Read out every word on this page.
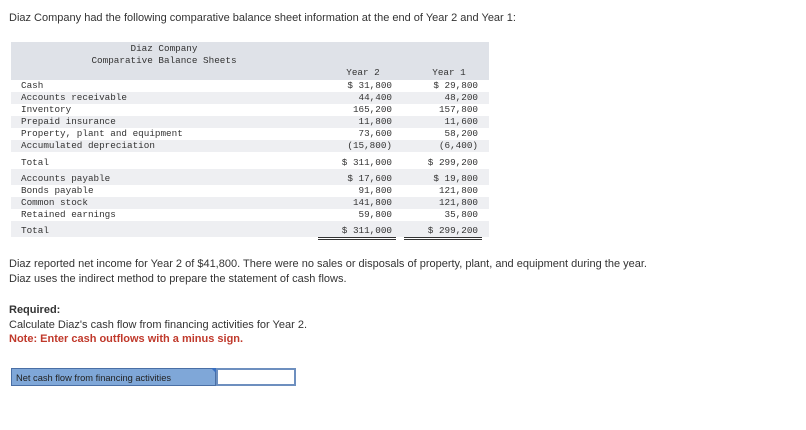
Diaz Company had the following comparative balance sheet information at the end of Year 2 and Year 1:
Diaz Company
Comparative Balance Sheets
Year 2	Year 1
Cash	$ 31,800	$ 29,800
Accounts receivable	44,400	48,200
Inventory	165,200	157,800
Prepaid insurance	11,800	11,600
Property, plant and equipment	73,600	58,200
Accumulated depreciation	(15,800)	(6,400)
Total	$ 311,000	$ 299,200
Accounts payable	$ 17,600	$ 19,800
Bonds payable	91,800	121,800
Common stock	141,800	121,800
Retained earnings	59,800	35,800
Total	$ 311,000	$ 299,200
Diaz reported net income for Year 2 of $41,800. There were no sales or disposals of property, plant, and equipment during the year.
Diaz uses the indirect method to prepare the statement of cash flows.
Required:
Calculate Diaz's cash flow from financing activities for Year 2.
Note: Enter cash outflows with a minus sign.
Net cash flow from financing activities
